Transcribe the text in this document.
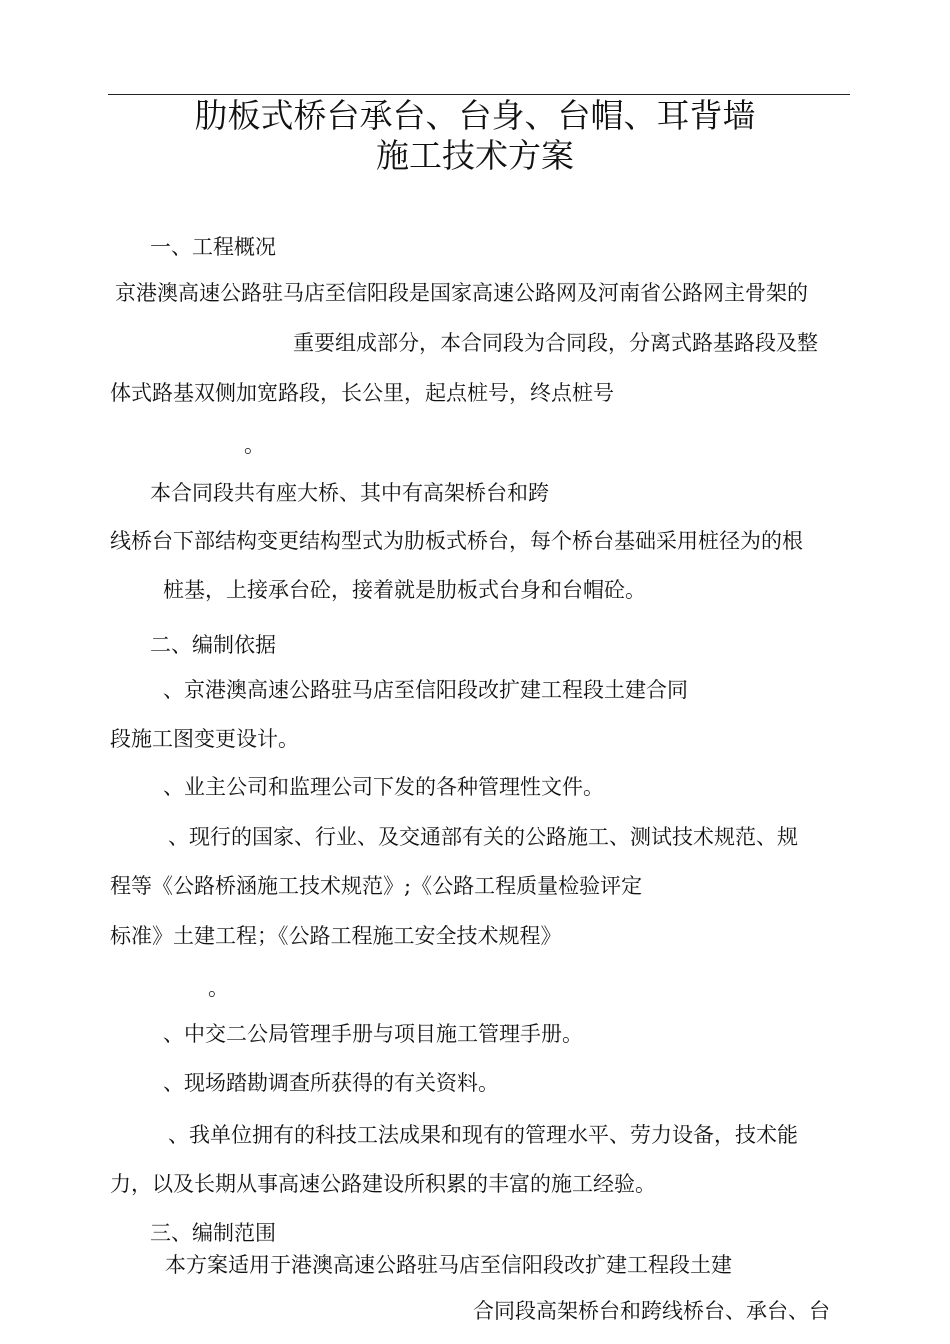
肋板式桥台承台、台身、台帽、耳背墙
施工技术方案
一、工程概况
京港澳高速公路驻马店至信阳段是国家高速公路网及河南省公路网主骨架的
重要组成部分，本合同段为合同段，分离式路基路段及整
体式路基双侧加宽路段，长公里，起点桩号，终点桩号
。
本合同段共有座大桥、其中有高架桥台和跨
线桥台下部结构变更结构型式为肋板式桥台，每个桥台基础采用桩径为的根
桩基，上接承台砼，接着就是肋板式台身和台帽砼。
二、编制依据
、京港澳高速公路驻马店至信阳段改扩建工程段土建合同
段施工图变更设计。
、业主公司和监理公司下发的各种管理性文件。
、现行的国家、行业、及交通部有关的公路施工、测试技术规范、规
程等《公路桥涵施工技术规范》;《公路工程质量检验评定
标准》土建工程；《公路工程施工安全技术规程》
。
、中交二公局管理手册与项目施工管理手册。
、现场踏勘调查所获得的有关资料。
、我单位拥有的科技工法成果和现有的管理水平、劳力设备，技术能
力，以及长期从事高速公路建设所积累的丰富的施工经验。
三、编制范围
本方案适用于港澳高速公路驻马店至信阳段改扩建工程段土建
合同段高架桥台和跨线桥台、承台、台
